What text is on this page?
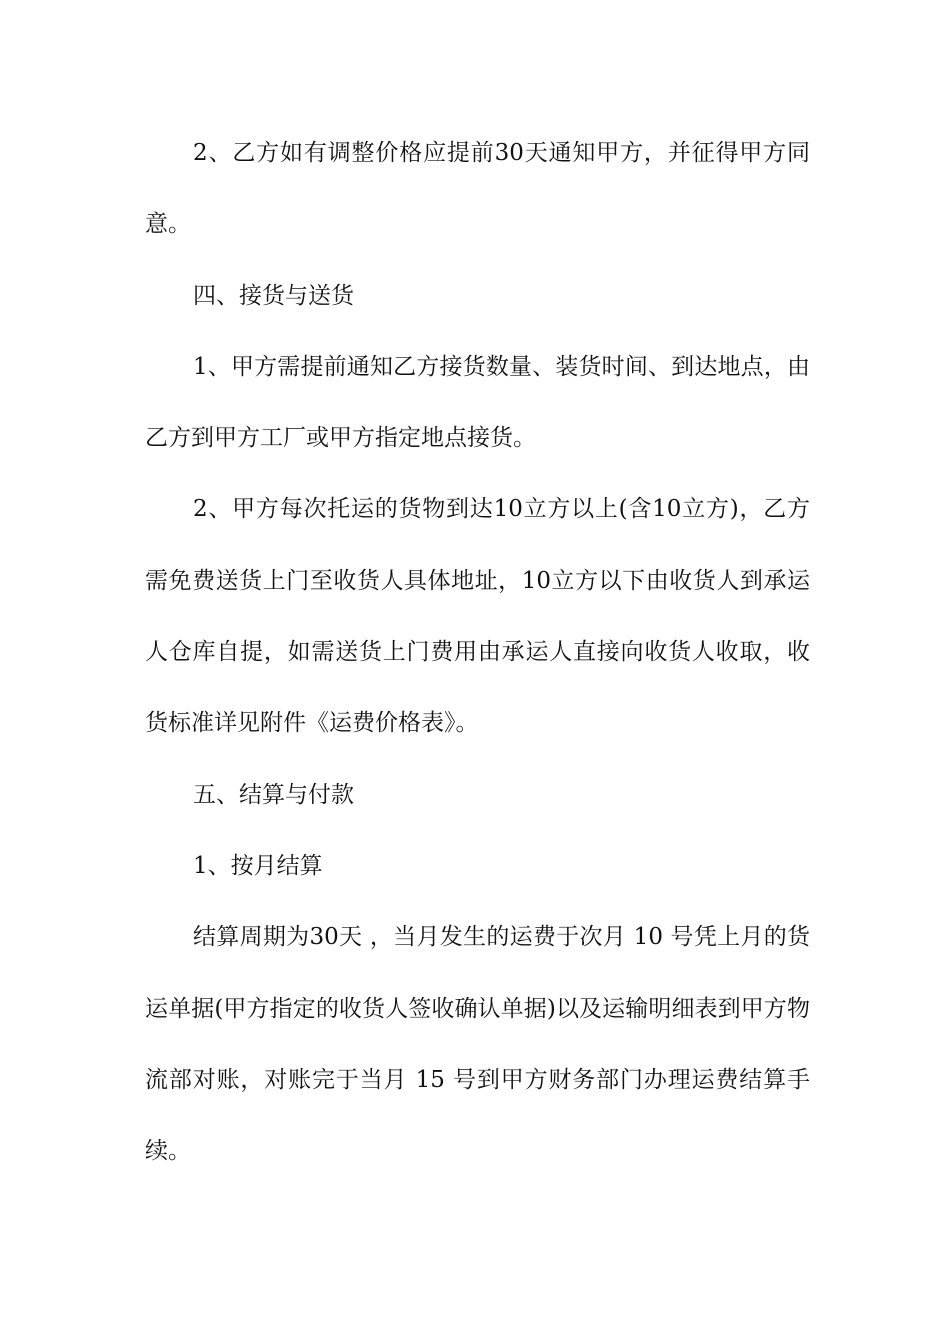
2、乙方如有调整价格应提前30天通知甲方，并征得甲方同意。

四、接货与送货

1、甲方需提前通知乙方接货数量、装货时间、到达地点，由乙方到甲方工厂或甲方指定地点接货。

2、甲方每次托运的货物到达10立方以上(含10立方)，乙方需免费送货上门至收货人具体地址，10立方以下由收货人到承运人仓库自提，如需送货上门费用由承运人直接向收货人收取，收货标准详见附件《运费价格表》。

五、结算与付款

1、按月结算

结算周期为30天 ，当月发生的运费于次月 10 号凭上月的货运单据(甲方指定的收货人签收确认单据)以及运输明细表到甲方物流部对账，对账完于当月 15 号到甲方财务部门办理运费结算手续。
